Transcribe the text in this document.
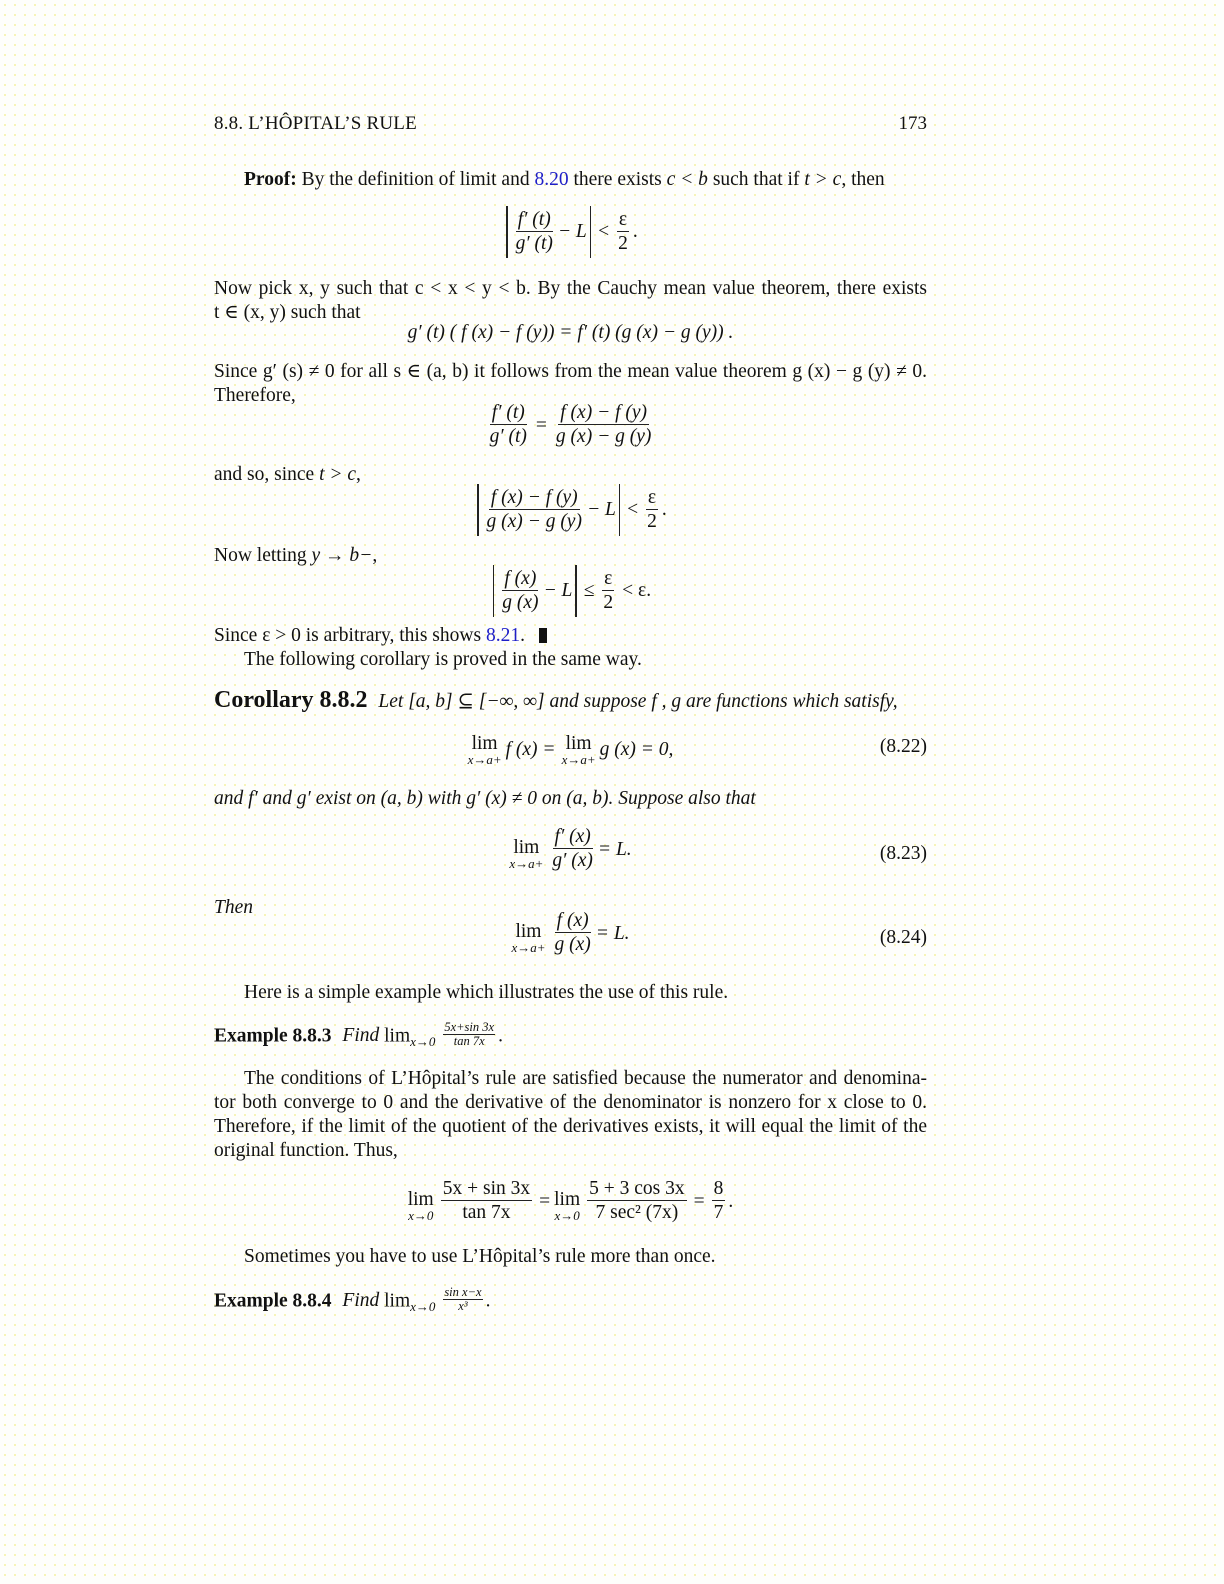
8.8. L’HÔPITAL’S RULE	173
Proof: By the definition of limit and 8.20 there exists c < b such that if t > c, then
$\frac{f' (t)}{g' (t)} - L < \frac{\varepsilon}{2}$ .
Now pick x, y such that c < x < y < b. By the Cauchy mean value theorem, there exists
t ∈ (x, y) such that
g′ (t) ( f (x) − f (y)) = f′ (t) (g (x) − g (y)) .
Since g′ (s) ≠ 0 for all s ∈ (a, b) it follows from the mean value theorem g (x) − g (y) ≠ 0.
Therefore,
$\frac{f' (t)}{g' (t)} = \frac{f (x) - f (y)}{g (x) - g (y)}$
and so, since t > c,
$\frac{f (x) - f (y)}{g (x) - g (y)} - L < \frac{\varepsilon}{2}$ .
Now letting y → b−,
$\frac{f (x)}{g (x)} - L \le \frac{\varepsilon}{2} < \varepsilon$.
Since ε > 0 is arbitrary, this shows 8.21.
The following corollary is proved in the same way.
Corollary 8.8.2 Let [a, b] ⊆ [−∞, ∞] and suppose f , g are functions which satisfy,
lim
x→a+ f (x) = lim
x→a+ g (x) = 0,	(8.22)
and f′ and g′ exist on (a, b) with g′ (x) ≠ 0 on (a, b). Suppose also that
lim
$x\to a+ \frac{f' (x)}{g' (x)} = L$.	(8.23)
Then
lim
$x\to a+ \frac{f (x)}{g (x)} = L$.	(8.24)
Here is a simple example which illustrates the use of this rule.
Example 8.8.3 Find $\lim_{x\to 0} \frac{5x+\sin 3x}{\tan 7x}$ .
The conditions of L’Hôpital’s rule are satisfied because the numerator and denomina-
tor both converge to 0 and the derivative of the denominator is nonzero for x close to 0.
Therefore, if the limit of the quotient of the derivatives exists, it will equal the limit of the
original function. Thus,
lim
$x\to 0 \frac{5x + \sin 3x}{\tan 7x} = \lim$
$x\to 0 \frac{5 + 3 \cos 3x}{\text{7 sec² (7x)}} = \frac{8}{7}$ .
Sometimes you have to use L’Hôpital’s rule more than once.
Example 8.8.4 Find $\lim_{x\to 0} \frac{\text{sin x−x}}{\text{x³}}$ .
